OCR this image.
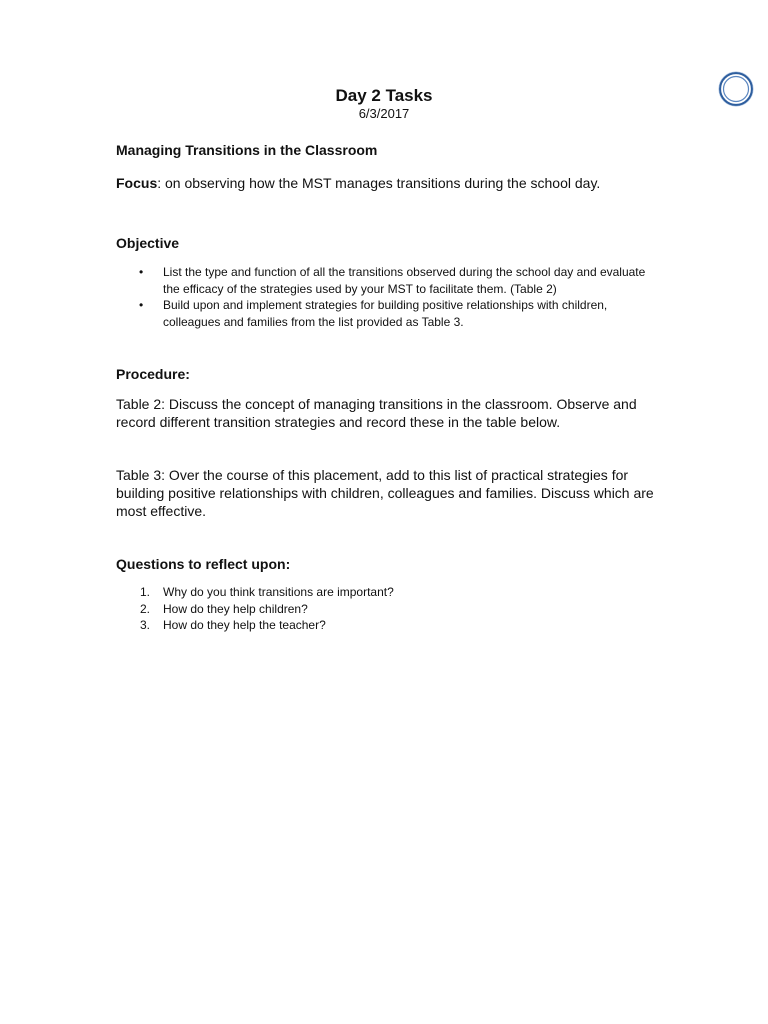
Day 2 Tasks
6/3/2017
Managing Transitions in the Classroom
Focus: on observing how the MST manages transitions during the school day.
Objective
• List the type and function of all the transitions observed during the school day and evaluate the efficacy of the strategies used by your MST to facilitate them. (Table 2)
• Build upon and implement strategies for building positive relationships with children, colleagues and families from the list provided as Table 3.
Procedure:
Table 2: Discuss the concept of managing transitions in the classroom. Observe and record different transition strategies and record these in the table below.
Table 3: Over the course of this placement, add to this list of practical strategies for building positive relationships with children, colleagues and families. Discuss which are most effective.
Questions to reflect upon:
1. Why do you think transitions are important?
2. How do they help children?
3. How do they help the teacher?
